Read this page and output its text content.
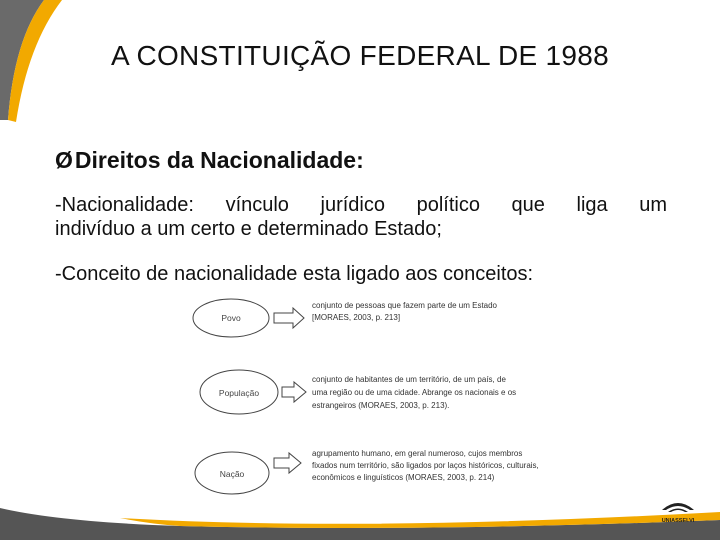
A CONSTITUIÇÃO FEDERAL DE 1988
ØDireitos da Nacionalidade:
-Nacionalidade: vínculo jurídico político que liga um
indivíduo a um certo e determinado Estado;
-Conceito de nacionalidade esta ligado aos conceitos:
Povo
conjunto de pessoas que fazem parte de um Estado
[MORAES, 2003, p. 213]
População
conjunto de habitantes de um território, de um país, de
uma região ou de uma cidade. Abrange os nacionais e os
estrangeiros (MORAES, 2003, p. 213).
Nação
agrupamento humano, em geral numeroso, cujos membros
fixados num território, são ligados por laços históricos, culturais,
econômicos e linguísticos (MORAES, 2003, p. 214)
UNIASSELVI
